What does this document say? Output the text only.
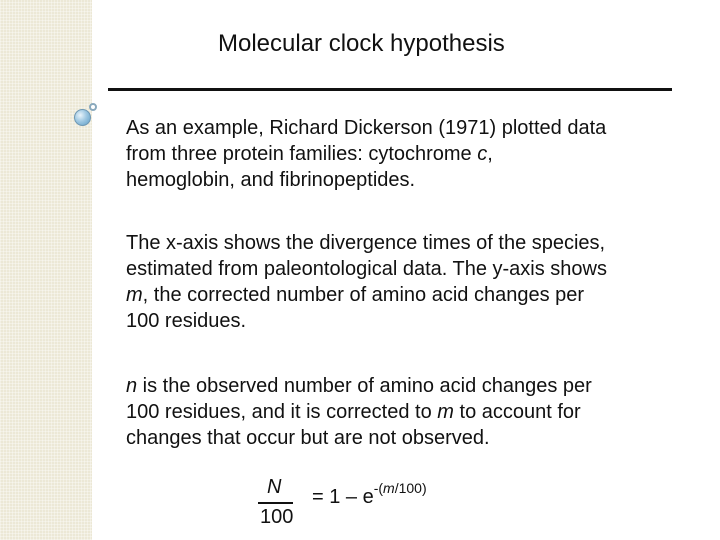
Molecular clock hypothesis
As an example, Richard Dickerson (1971) plotted data
from three protein families: cytochrome c,
hemoglobin, and fibrinopeptides.
The x-axis shows the divergence times of the species,
estimated from paleontological data. The y-axis shows
m, the corrected number of amino acid changes per
100 residues.
n is the observed number of amino acid changes per
100 residues, and it is corrected to m to account for
changes that occur but are not observed.
N
100
= $1 - e^{-(m/100)}$
